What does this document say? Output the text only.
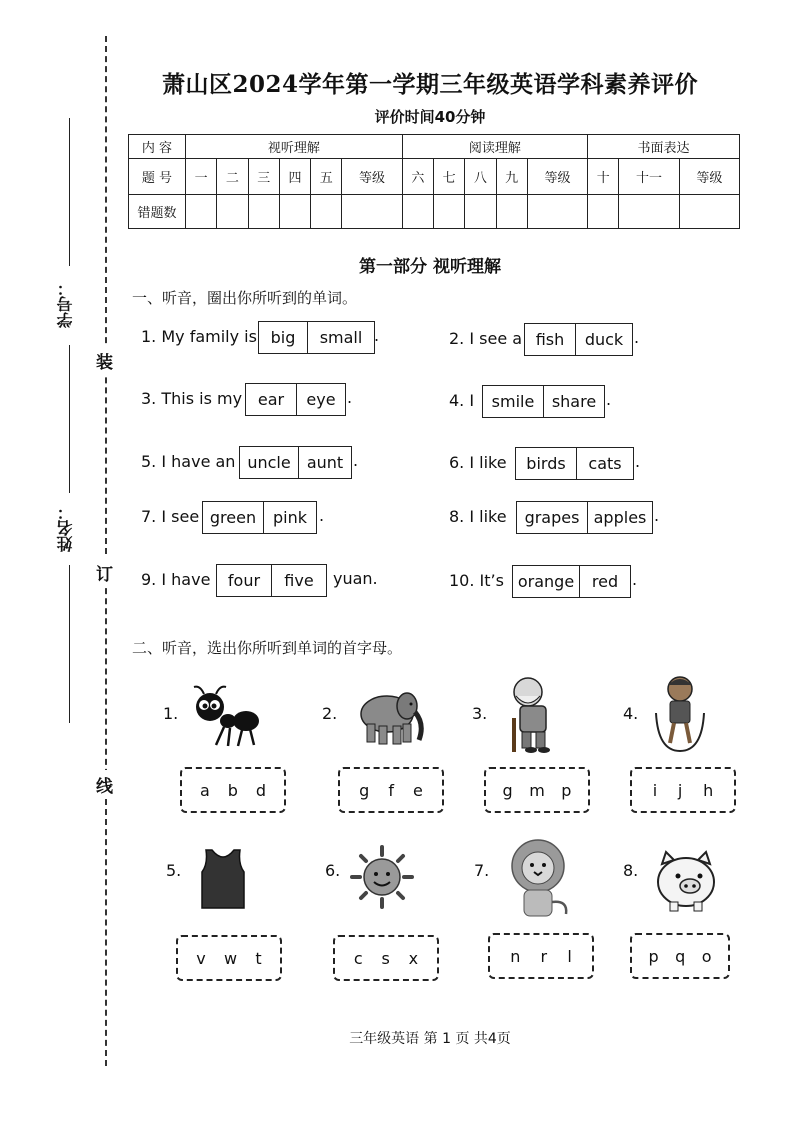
装
订
线
学号：
姓名：
萧山区2024学年第一学期三年级英语学科素养评价
评价时间40分钟
内 容	视听理解						阅读理解					书面表达		
题 号	一	二	三	四	五	等级	六	七	八	九	等级	十	十一	等级
错题数														
第一部分 视听理解
一、听音，圈出你所听到的单词。
1. My family is big	small .	2. I see a fish	duck .
3. This is my ear	eye .	4. I	smile	share .
5. I have an uncle	aunt .	6. I like	birds	cats .
7. I see green	pink .	8. I like	grapes apples .
9. I have	four	five	yuan.	10. It’s orange	red .
二、听音，选出你所听到单词的首字母。
1.
a b d
2.
g f e
3.
g m p
4.
i j h
5.
v w t
6.
c s x
7.
n r l
8.
p q o
三年级英语 第 1 页 共4页
